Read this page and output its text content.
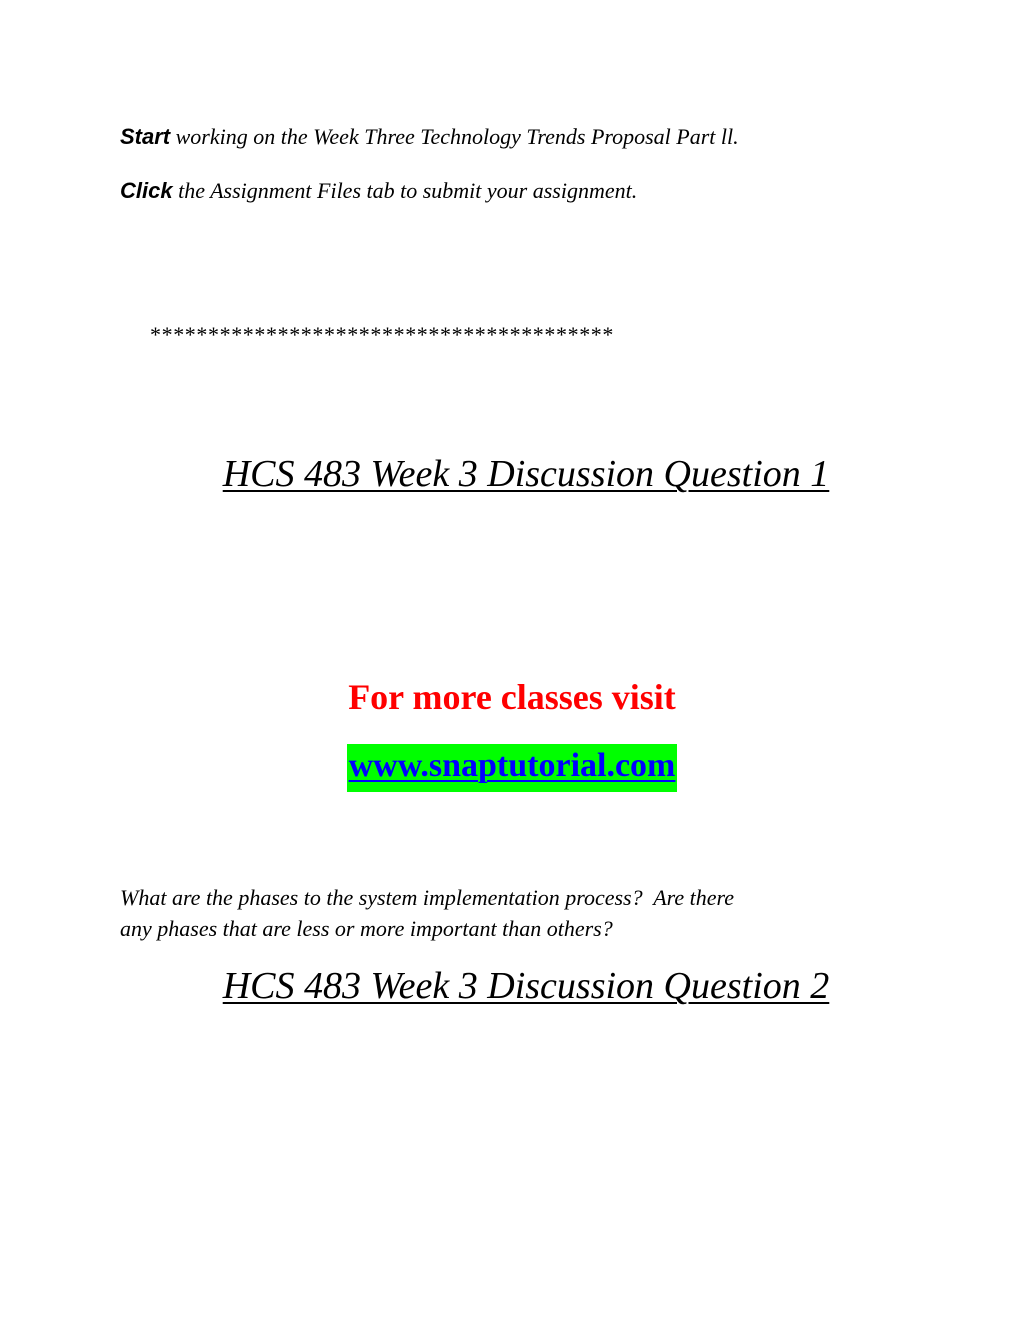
Start working on the Week Three Technology Trends Proposal Part ll.
Click the Assignment Files tab to submit your assignment.
****************************************
HCS 483 Week 3 Discussion Question 1
For more classes visit
www.snaptutorial.com
What are the phases to the system implementation process?  Are there
any phases that are less or more important than others?
HCS 483 Week 3 Discussion Question 2
